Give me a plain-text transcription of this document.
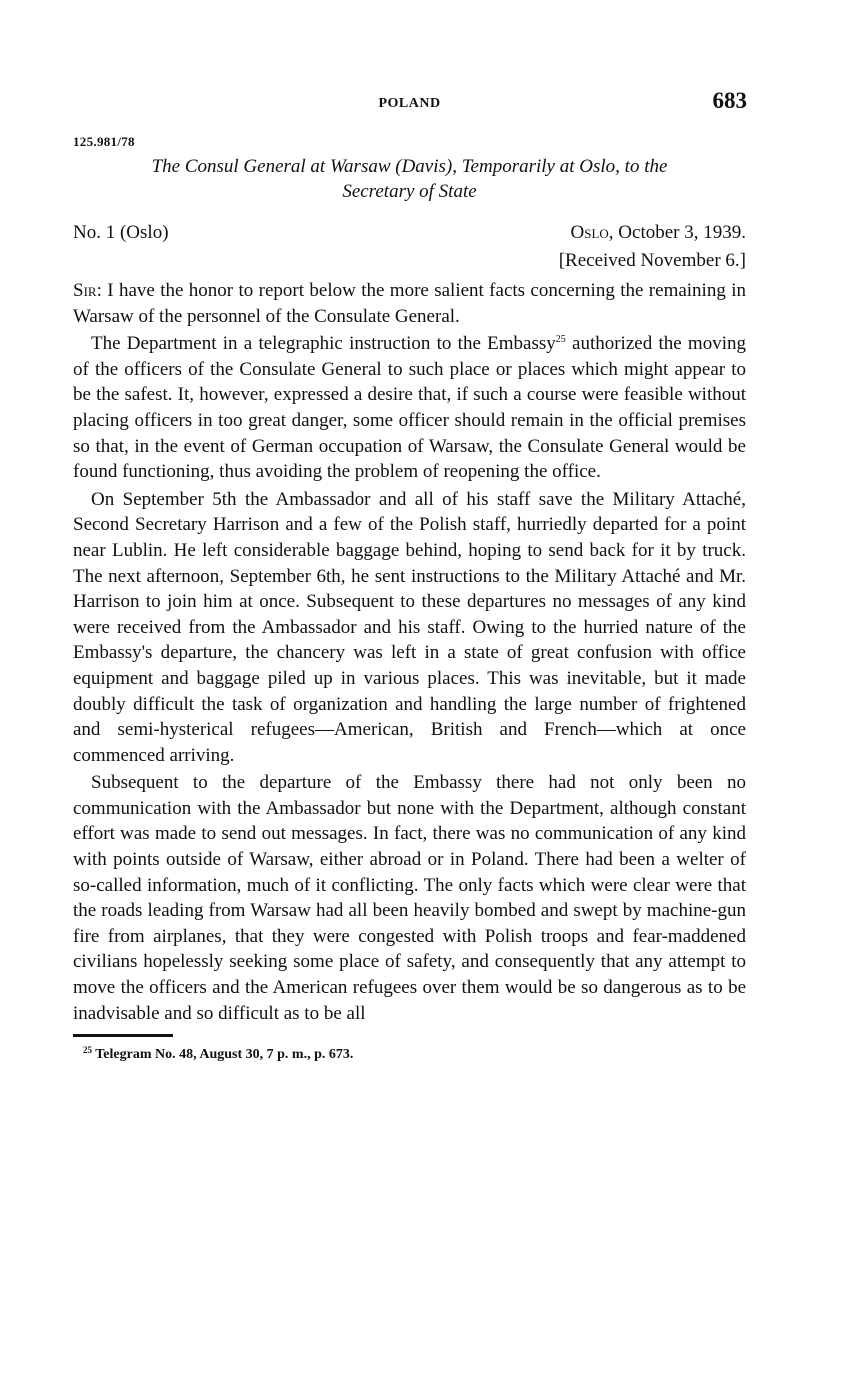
POLAND	683
125.981/78
The Consul General at Warsaw (Davis), Temporarily at Oslo, to the
Secretary of State
No. 1 (Oslo)	Oslo, October 3, 1939.
[Received November 6.]

Sir: I have the honor to report below the more salient facts concerning the remaining in Warsaw of the personnel of the Consulate General.

The Department in a telegraphic instruction to the Embassy$^{25}$ authorized the moving of the officers of the Consulate General to such place or places which might appear to be the safest. It, however, expressed a desire that, if such a course were feasible without placing officers in too great danger, some officer should remain in the official premises so that, in the event of German occupation of Warsaw, the Consulate General would be found functioning, thus avoiding the problem of reopening the office.

On September 5th the Ambassador and all of his staff save the Military Attaché, Second Secretary Harrison and a few of the Polish staff, hurriedly departed for a point near Lublin. He left considerable baggage behind, hoping to send back for it by truck. The next afternoon, September 6th, he sent instructions to the Military Attaché and Mr. Harrison to join him at once. Subsequent to these departures no messages of any kind were received from the Ambassador and his staff. Owing to the hurried nature of the Embassy's departure, the chancery was left in a state of great confusion with office equipment and baggage piled up in various places. This was inevitable, but it made doubly difficult the task of organization and handling the large number of frightened and semi-hysterical refugees—American, British and French—which at once commenced arriving.

Subsequent to the departure of the Embassy there had not only been no communication with the Ambassador but none with the Department, although constant effort was made to send out messages. In fact, there was no communication of any kind with points outside of Warsaw, either abroad or in Poland. There had been a welter of so-called information, much of it conflicting. The only facts which were clear were that the roads leading from Warsaw had all been heavily bombed and swept by machine-gun fire from airplanes, that they were congested with Polish troops and fear-maddened civilians hopelessly seeking some place of safety, and consequently that any attempt to move the officers and the American refugees over them would be so dangerous as to be inadvisable and so difficult as to be all

$^{25}$ Telegram No. 48, August 30, 7 p. m., p. 673.
